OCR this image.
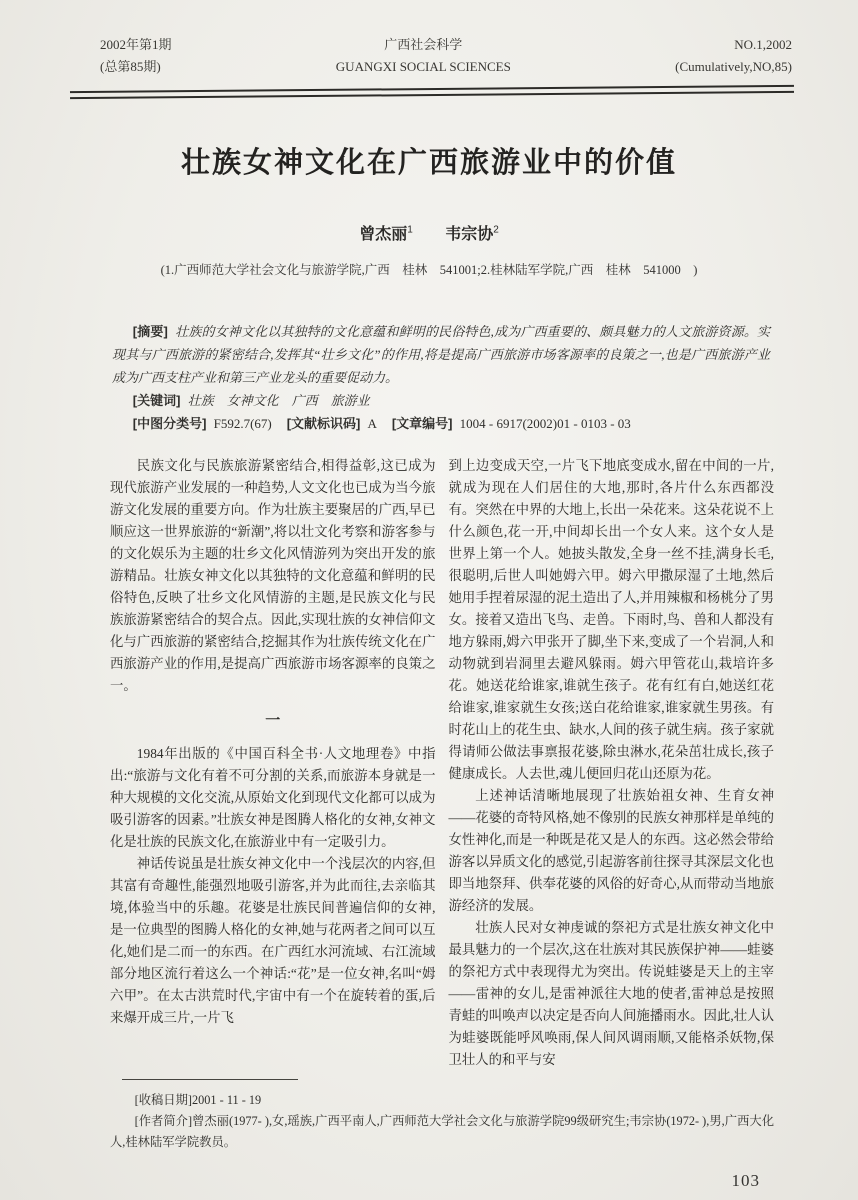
2002年第1期
(总第85期)
广西社会科学
GUANGXI SOCIAL SCIENCES
NO.1,2002
(Cumulatively,NO,85)
壮族女神文化在广西旅游业中的价值
曾杰丽$^1$ 韦宗协$^2$
(1.广西师范大学社会文化与旅游学院,广西　桂林　541001;2.桂林陆军学院,广西　桂林　541000　)

[摘要] 壮族的女神文化以其独特的文化意蕴和鲜明的民俗特色,成为广西重要的、颇具魅力的人文旅游资源。实现其与广西旅游的紧密结合,发挥其“壮乡文化”的作用,将是提高广西旅游市场客源率的良策之一,也是广西旅游产业成为广西支柱产业和第三产业龙头的重要促动力。

[关键词] 壮族　女神文化　广西　旅游业

[中图分类号] F592.7(67) [文献标识码] A [文章编号] 1004 - 6917(2002)01 - 0103 - 03

民族文化与民族旅游紧密结合,相得益彰,这已成为现代旅游产业发展的一种趋势,人文文化也已成为当今旅游文化发展的重要方向。作为壮族主要聚居的广西,早已顺应这一世界旅游的“新潮”,将以壮文化考察和游客参与的文化娱乐为主题的壮乡文化风情游列为突出开发的旅游精品。壮族女神文化以其独特的文化意蕴和鲜明的民俗特色,反映了壮乡文化风情游的主题,是民族文化与民族旅游紧密结合的契合点。因此,实现壮族的女神信仰文化与广西旅游的紧密结合,挖掘其作为壮族传统文化在广西旅游产业的作用,是提高广西旅游市场客源率的良策之一。

一

1984年出版的《中国百科全书·人文地理卷》中指出:“旅游与文化有着不可分割的关系,而旅游本身就是一种大规模的文化交流,从原始文化到现代文化都可以成为吸引游客的因素。”壮族女神是图腾人格化的女神,女神文化是壮族的民族文化,在旅游业中有一定吸引力。

神话传说虽是壮族女神文化中一个浅层次的内容,但其富有奇趣性,能强烈地吸引游客,并为此而往,去亲临其境,体验当中的乐趣。花婆是壮族民间普遍信仰的女神,是一位典型的图腾人格化的女神,她与花两者之间可以互化,她们是二而一的东西。在广西红水河流域、右江流域部分地区流行着这么一个神话:“花”是一位女神,名叫“姆六甲”。在太古洪荒时代,宇宙中有一个在旋转着的蛋,后来爆开成三片,一片飞

到上边变成天空,一片飞下地底变成水,留在中间的一片,就成为现在人们居住的大地,那时,各片什么东西都没有。突然在中界的大地上,长出一朵花来。这朵花说不上什么颜色,花一开,中间却长出一个女人来。这个女人是世界上第一个人。她披头散发,全身一丝不挂,满身长毛,很聪明,后世人叫她姆六甲。姆六甲撒尿湿了土地,然后她用手捏着尿湿的泥土造出了人,并用辣椒和杨桃分了男女。接着又造出飞鸟、走兽。下雨时,鸟、兽和人都没有地方躲雨,姆六甲张开了脚,坐下来,变成了一个岩洞,人和动物就到岩洞里去避风躲雨。姆六甲管花山,栽培许多花。她送花给谁家,谁就生孩子。花有红有白,她送红花给谁家,谁家就生女孩;送白花给谁家,谁家就生男孩。有时花山上的花生虫、缺水,人间的孩子就生病。孩子家就得请师公做法事禀报花婆,除虫淋水,花朵茁壮成长,孩子健康成长。人去世,魂儿便回归花山还原为花。

上述神话清晰地展现了壮族始祖女神、生育女神——花婆的奇特风格,她不像别的民族女神那样是单纯的女性神化,而是一种既是花又是人的东西。这必然会带给游客以异质文化的感觉,引起游客前往探寻其深层文化也即当地祭拜、供奉花婆的风俗的好奇心,从而带动当地旅游经济的发展。

壮族人民对女神虔诚的祭祀方式是壮族女神文化中最具魅力的一个层次,这在壮族对其民族保护神——蛙婆的祭祀方式中表现得尤为突出。传说蛙婆是天上的主宰——雷神的女儿,是雷神派往大地的使者,雷神总是按照青蛙的叫唤声以决定是否向人间施播雨水。因此,壮人认为蛙婆既能呼风唤雨,保人间风调雨顺,又能格杀妖物,保卫壮人的和平与安

[收稿日期]2001 - 11 - 19

[作者简介]曾杰丽(1977- ),女,瑶族,广西平南人,广西师范大学社会文化与旅游学院99级研究生;韦宗协(1972- ),男,广西大化人,桂林陆军学院教员。

103
